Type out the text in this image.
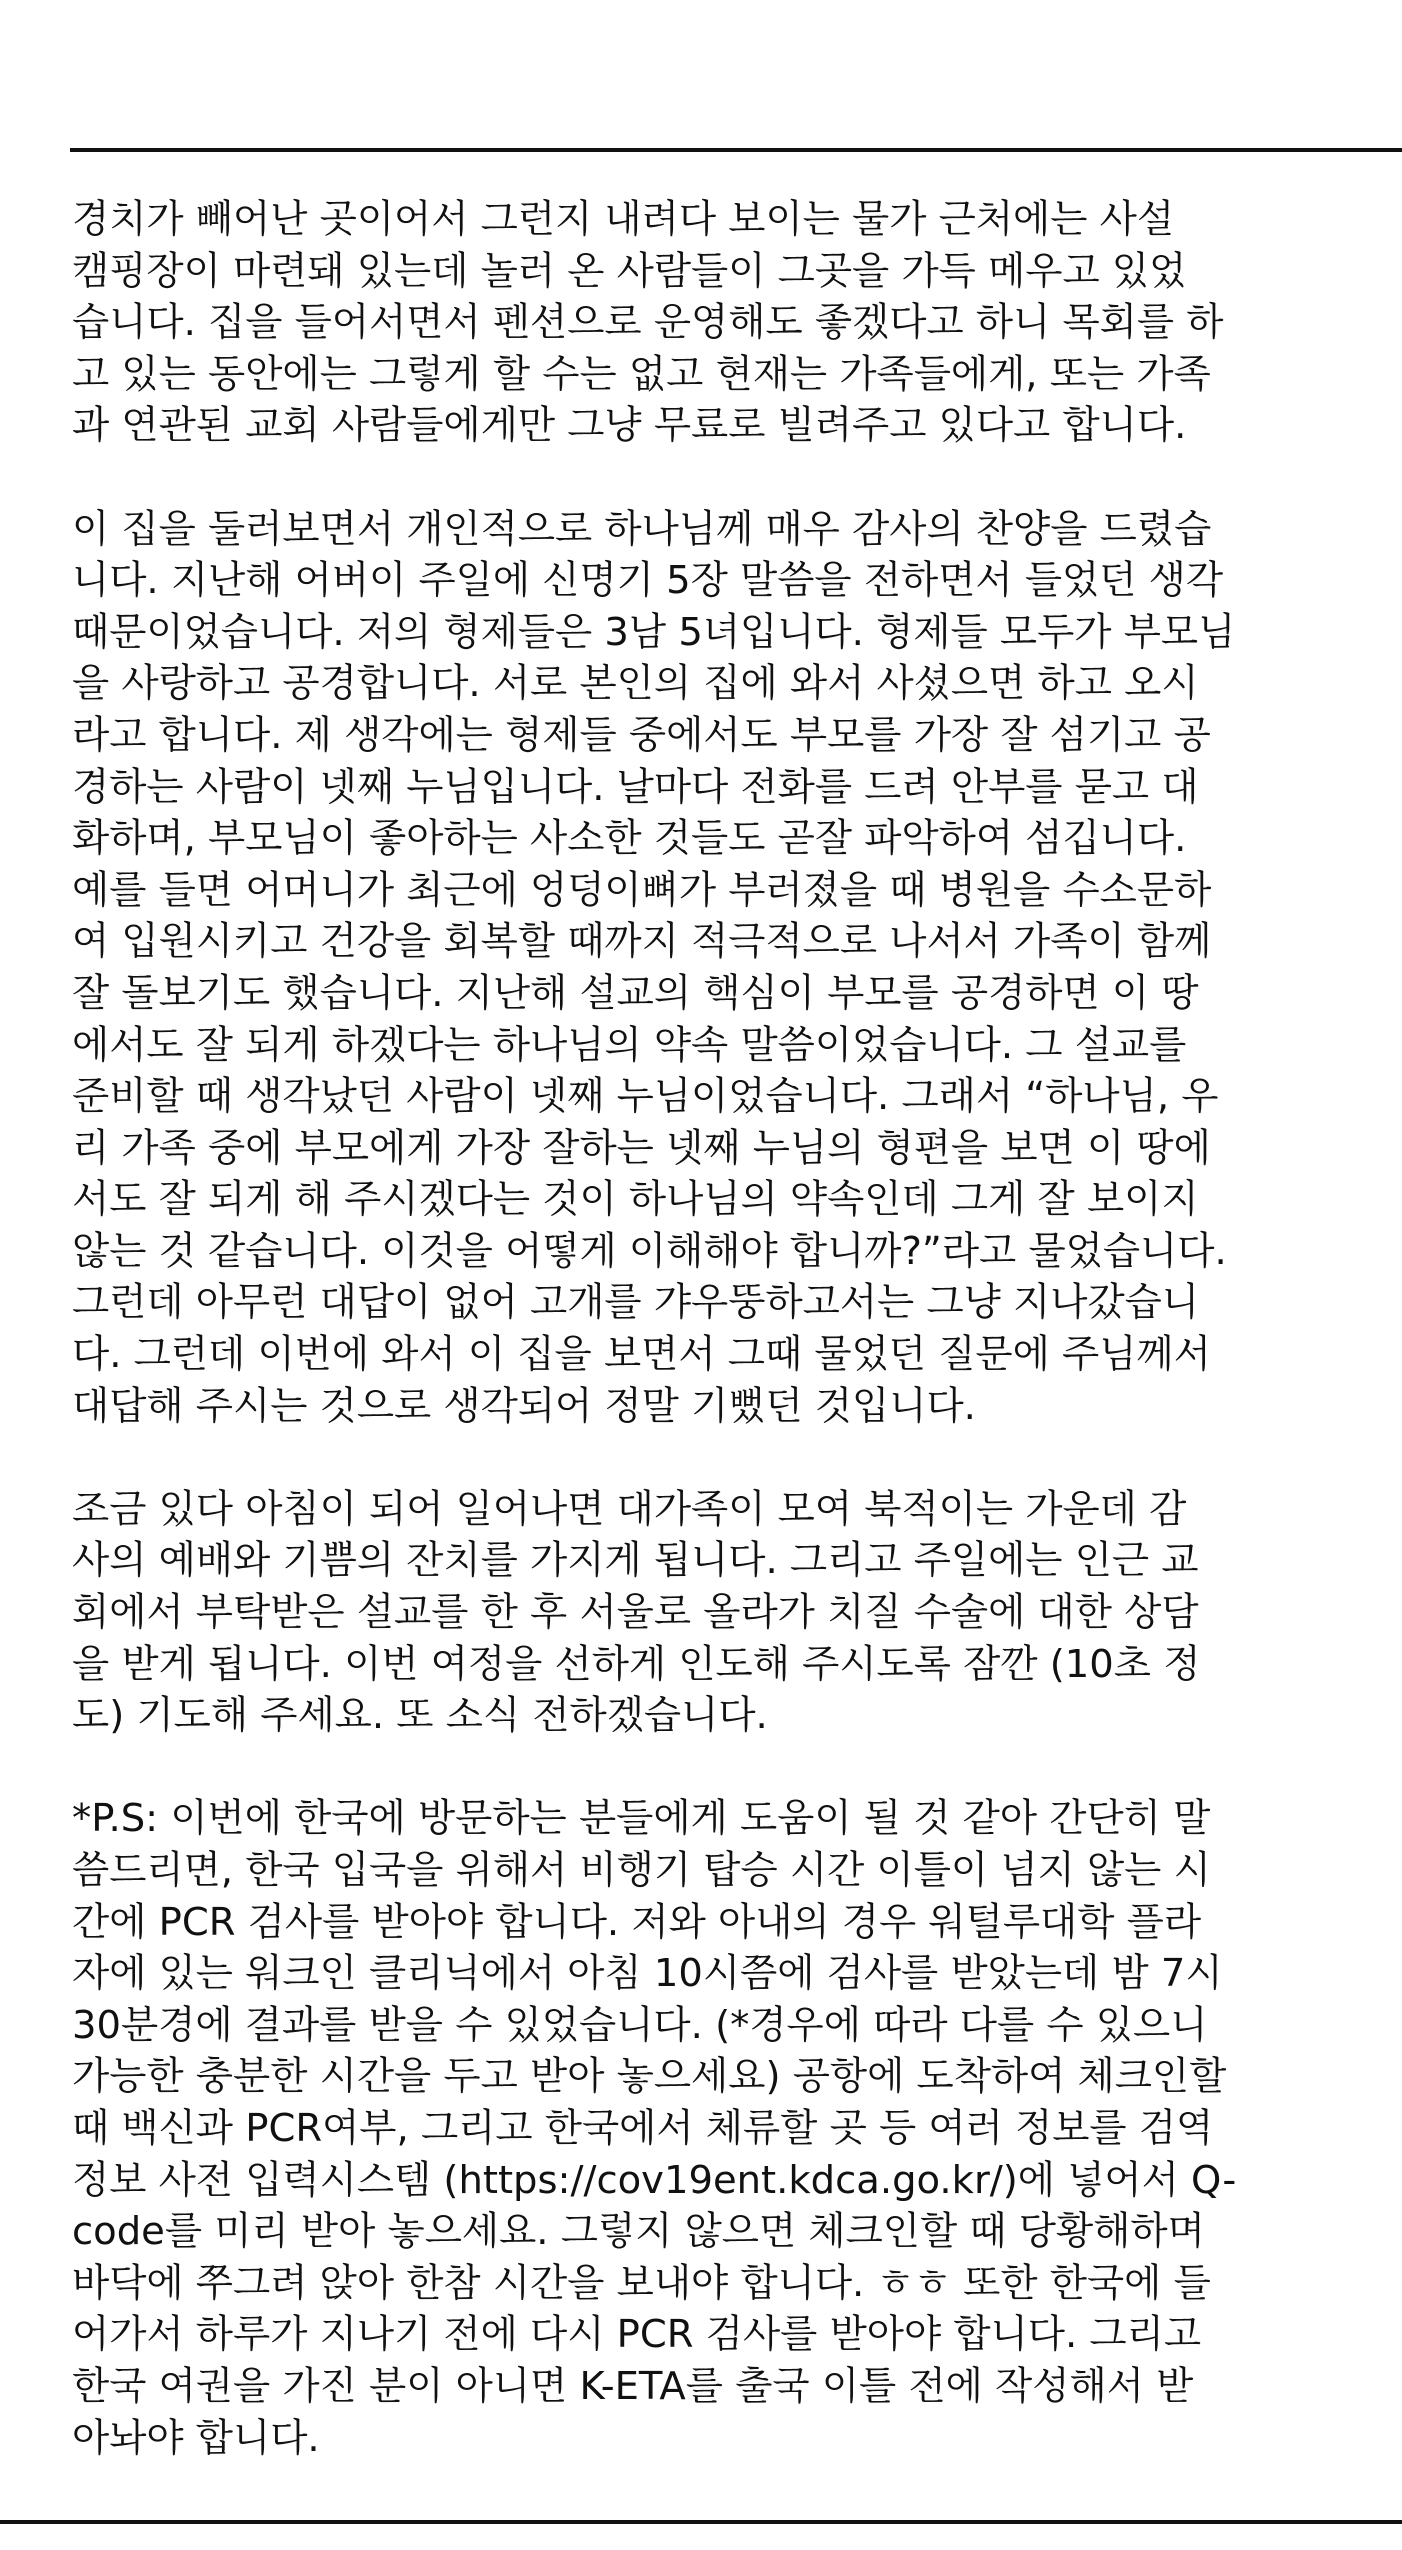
경치가 빼어난 곳이어서 그런지 내려다 보이는 물가 근처에는 사설
캠핑장이 마련돼 있는데 놀러 온 사람들이 그곳을 가득 메우고 있었
습니다. 집을 들어서면서 펜션으로 운영해도 좋겠다고 하니 목회를 하
고 있는 동안에는 그렇게 할 수는 없고 현재는 가족들에게, 또는 가족
과 연관된 교회 사람들에게만 그냥 무료로 빌려주고 있다고 합니다.
이 집을 둘러보면서 개인적으로 하나님께 매우 감사의 찬양을 드렸습
니다. 지난해 어버이 주일에 신명기 5장 말씀을 전하면서 들었던 생각
때문이었습니다. 저의 형제들은 3남 5녀입니다. 형제들 모두가 부모님
을 사랑하고 공경합니다. 서로 본인의 집에 와서 사셨으면 하고 오시
라고 합니다. 제 생각에는 형제들 중에서도 부모를 가장 잘 섬기고 공
경하는 사람이 넷째 누님입니다. 날마다 전화를 드려 안부를 묻고 대
화하며, 부모님이 좋아하는 사소한 것들도 곧잘 파악하여 섬깁니다.
예를 들면 어머니가 최근에 엉덩이뼈가 부러졌을 때 병원을 수소문하
여 입원시키고 건강을 회복할 때까지 적극적으로 나서서 가족이 함께
잘 돌보기도 했습니다. 지난해 설교의 핵심이 부모를 공경하면 이 땅
에서도 잘 되게 하겠다는 하나님의 약속 말씀이었습니다. 그 설교를
준비할 때 생각났던 사람이 넷째 누님이었습니다. 그래서 “하나님, 우
리 가족 중에 부모에게 가장 잘하는 넷째 누님의 형편을 보면 이 땅에
서도 잘 되게 해 주시겠다는 것이 하나님의 약속인데 그게 잘 보이지
않는 것 같습니다. 이것을 어떻게 이해해야 합니까?”라고 물었습니다.
그런데 아무런 대답이 없어 고개를 갸우뚱하고서는 그냥 지나갔습니
다. 그런데 이번에 와서 이 집을 보면서 그때 물었던 질문에 주님께서
대답해 주시는 것으로 생각되어 정말 기뻤던 것입니다.
조금 있다 아침이 되어 일어나면 대가족이 모여 북적이는 가운데 감
사의 예배와 기쁨의 잔치를 가지게 됩니다. 그리고 주일에는 인근 교
회에서 부탁받은 설교를 한 후 서울로 올라가 치질 수술에 대한 상담
을 받게 됩니다. 이번 여정을 선하게 인도해 주시도록 잠깐 (10초 정
도) 기도해 주세요. 또 소식 전하겠습니다.
*P.S: 이번에 한국에 방문하는 분들에게 도움이 될 것 같아 간단히 말
씀드리면, 한국 입국을 위해서 비행기 탑승 시간 이틀이 넘지 않는 시
간에 PCR 검사를 받아야 합니다. 저와 아내의 경우 워털루대학 플라
자에 있는 워크인 클리닉에서 아침 10시쯤에 검사를 받았는데 밤 7시
30분경에 결과를 받을 수 있었습니다. (*경우에 따라 다를 수 있으니
가능한 충분한 시간을 두고 받아 놓으세요) 공항에 도착하여 체크인할
때 백신과 PCR여부, 그리고 한국에서 체류할 곳 등 여러 정보를 검역
정보 사전 입력시스템 (https://cov19ent.kdca.go.kr/)에 넣어서 Q-
code를 미리 받아 놓으세요. 그렇지 않으면 체크인할 때 당황해하며
바닥에 쭈그려 앉아 한참 시간을 보내야 합니다. ㅎㅎ 또한 한국에 들
어가서 하루가 지나기 전에 다시 PCR 검사를 받아야 합니다. 그리고
한국 여권을 가진 분이 아니면 K-ETA를 출국 이틀 전에 작성해서 받
아놔야 합니다.
